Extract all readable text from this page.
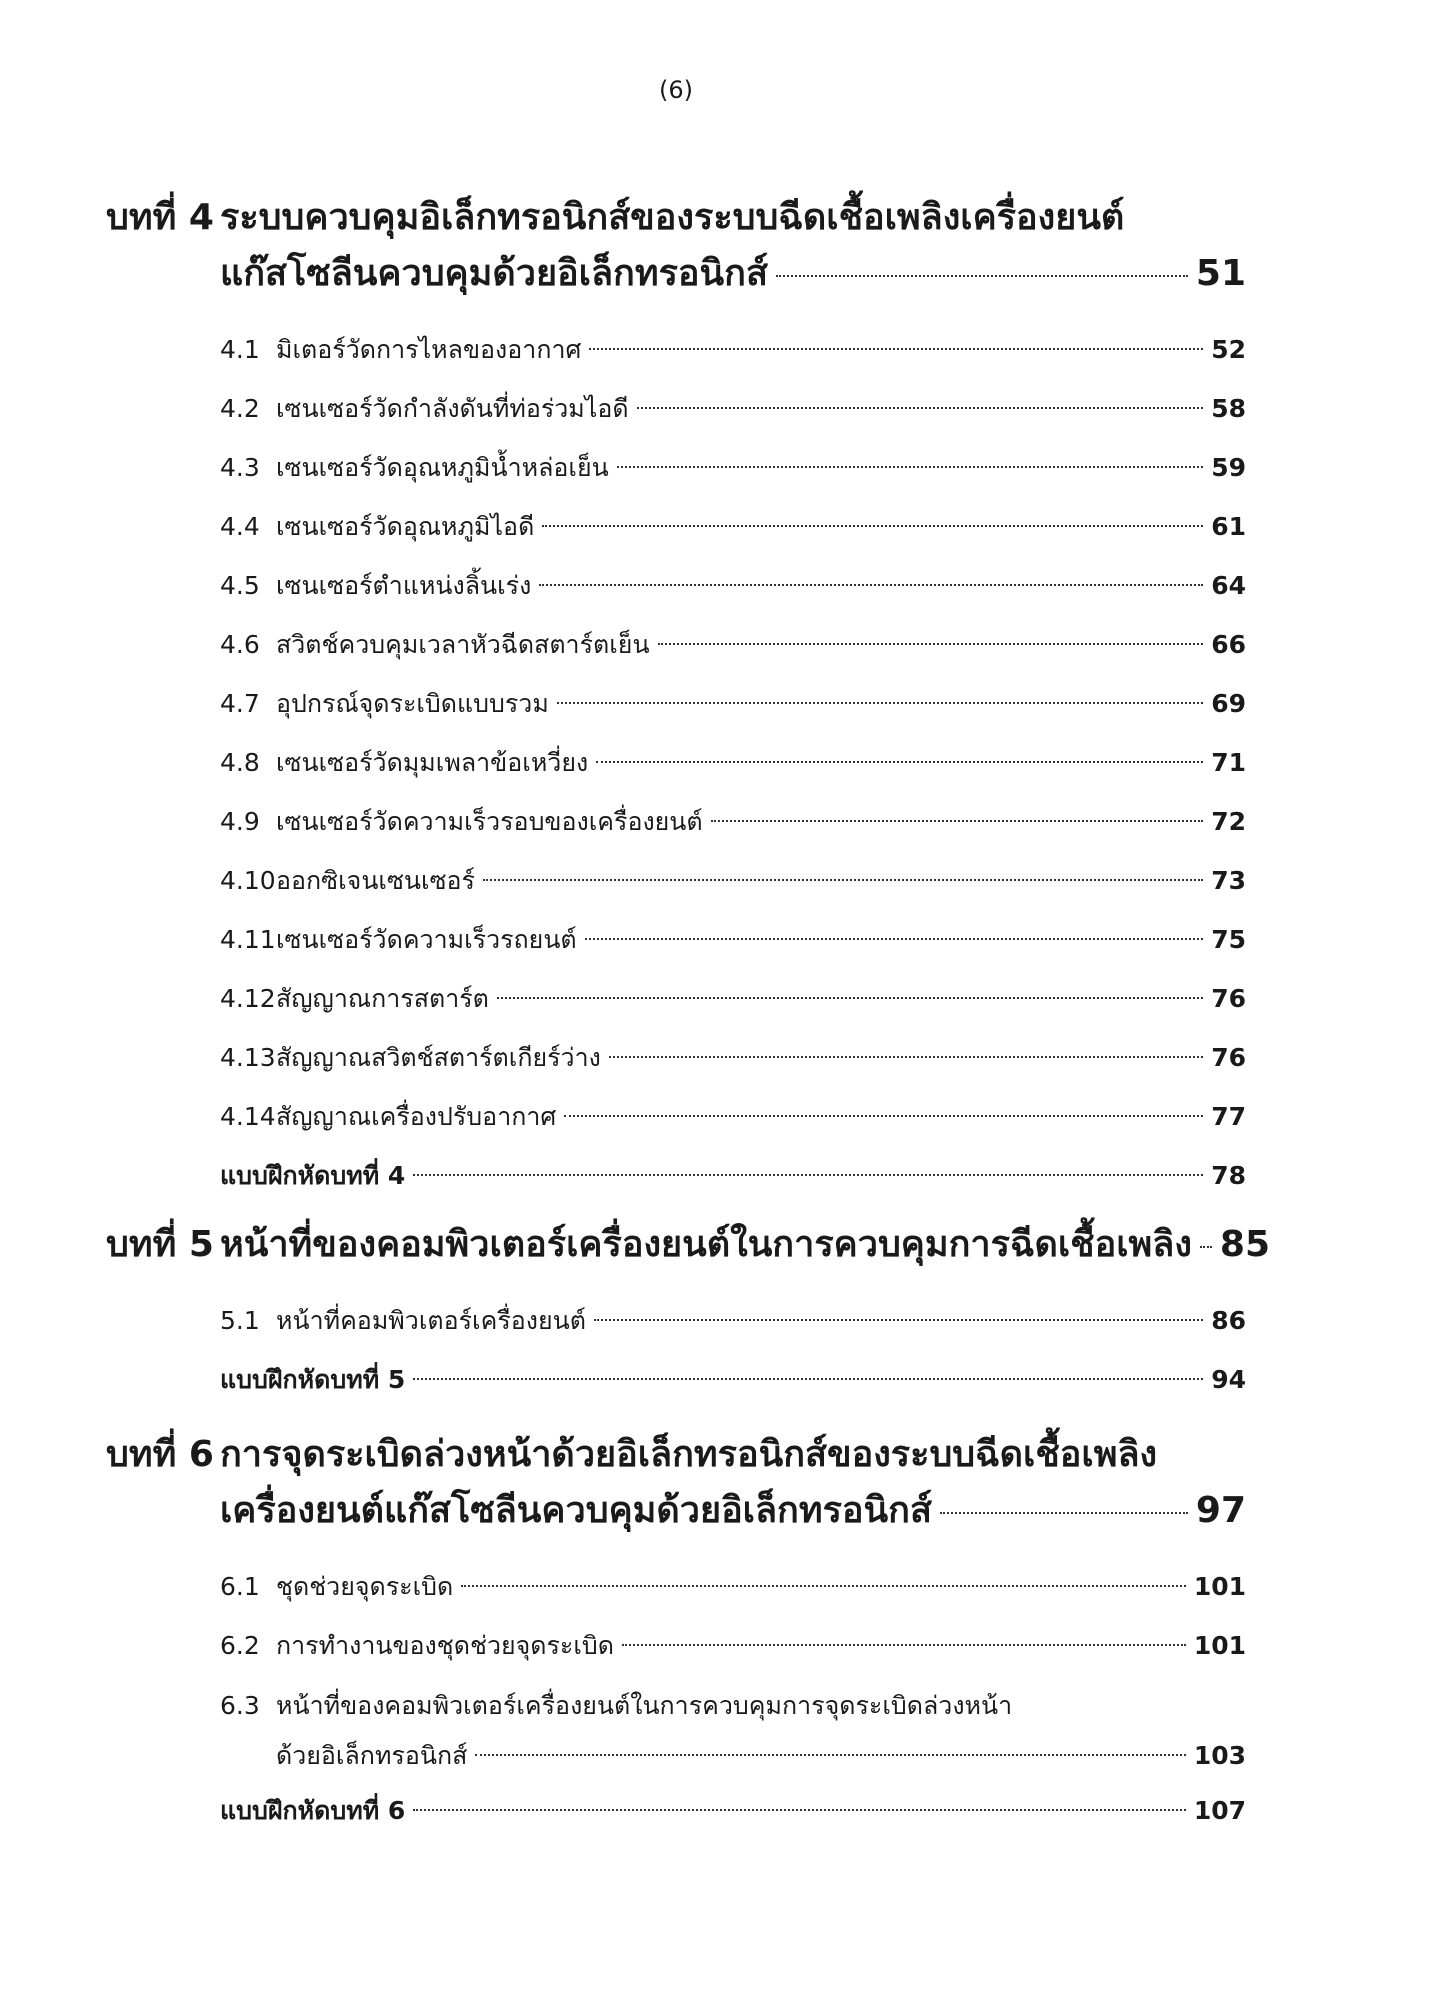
(6)
บทที่ 4 ระบบควบคุมอิเล็กทรอนิกส์ของระบบฉีดเชื้อเพลิงเครื่องยนต์
แก๊สโซลีนควบคุมด้วยอิเล็กทรอนิกส์	51
4.1 มิเตอร์วัดการไหลของอากาศ	52
4.2 เซนเซอร์วัดกำลังดันที่ท่อร่วมไอดี	58
4.3 เซนเซอร์วัดอุณหภูมิน้ำหล่อเย็น	59
4.4 เซนเซอร์วัดอุณหภูมิไอดี	61
4.5 เซนเซอร์ตำแหน่งลิ้นเร่ง	64
4.6 สวิตช์ควบคุมเวลาหัวฉีดสตาร์ตเย็น	66
4.7 อุปกรณ์จุดระเบิดแบบรวม	69
4.8 เซนเซอร์วัดมุมเพลาข้อเหวี่ยง	71
4.9 เซนเซอร์วัดความเร็วรอบของเครื่องยนต์	72
4.10 ออกซิเจนเซนเซอร์	73
4.11 เซนเซอร์วัดความเร็วรถยนต์	75
4.12 สัญญาณการสตาร์ต	76
4.13 สัญญาณสวิตช์สตาร์ตเกียร์ว่าง	76
4.14 สัญญาณเครื่องปรับอากาศ	77
แบบฝึกหัดบทที่ 4	78
บทที่ 5 หน้าที่ของคอมพิวเตอร์เครื่องยนต์ในการควบคุมการฉีดเชื้อเพลิง 85
5.1 หน้าที่คอมพิวเตอร์เครื่องยนต์	86
แบบฝึกหัดบทที่ 5	94
บทที่ 6 การจุดระเบิดล่วงหน้าด้วยอิเล็กทรอนิกส์ของระบบฉีดเชื้อเพลิง
เครื่องยนต์แก๊สโซลีนควบคุมด้วยอิเล็กทรอนิกส์	97
6.1 ชุดช่วยจุดระเบิด	101
6.2 การทำงานของชุดช่วยจุดระเบิด	101
6.3 หน้าที่ของคอมพิวเตอร์เครื่องยนต์ในการควบคุมการจุดระเบิดล่วงหน้า
ด้วยอิเล็กทรอนิกส์	103
แบบฝึกหัดบทที่ 6	107
